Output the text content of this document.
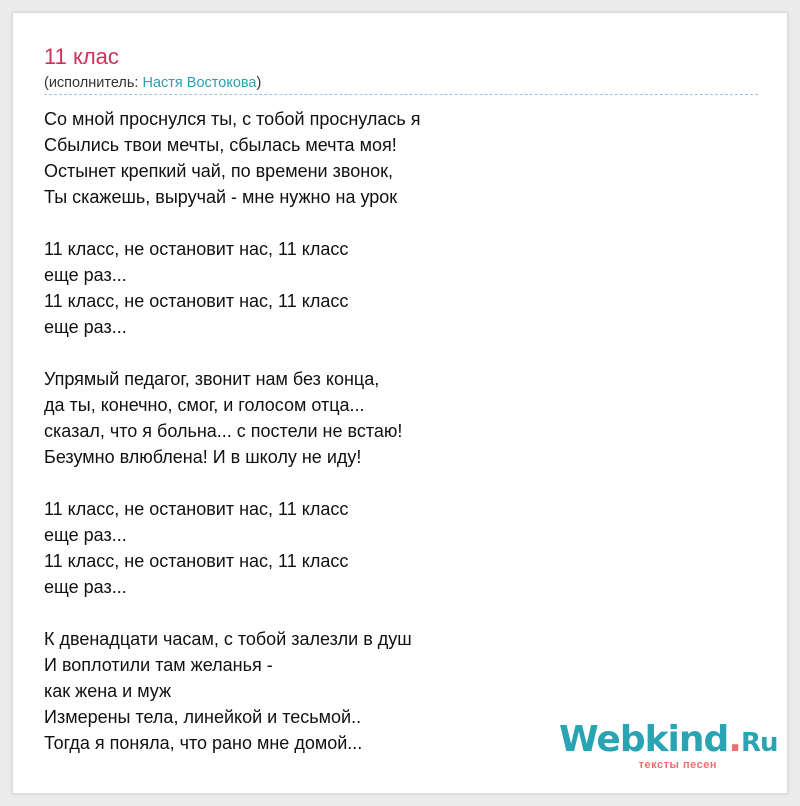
11 клас
(исполнитель: Настя Востокова)
Со мной проснулся ты, с тобой проснулась я
Сбылись твои мечты, сбылась мечта моя!
Остынет крепкий чай, по времени звонок,
Ты скажешь, выручай - мне нужно на урок
11 класс, не остановит нас, 11 класс
еще раз...
11 класс, не остановит нас, 11 класс
еще раз...
Упрямый педагог, звонит нам без конца,
да ты, конечно, смог, и голосом отца...
сказал, что я больна... с постели не встаю!
Безумно влюблена! И в школу не иду!
11 класс, не остановит нас, 11 класс
еще раз...
11 класс, не остановит нас, 11 класс
еще раз...
К двенадцати часам, с тобой залезли в душ
И воплотили там желанья -
как жена и муж
Измерены тела, линейкой и тесьмой..
Тогда я поняла, что рано мне домой...	Webkind.Ru
тексты песен
